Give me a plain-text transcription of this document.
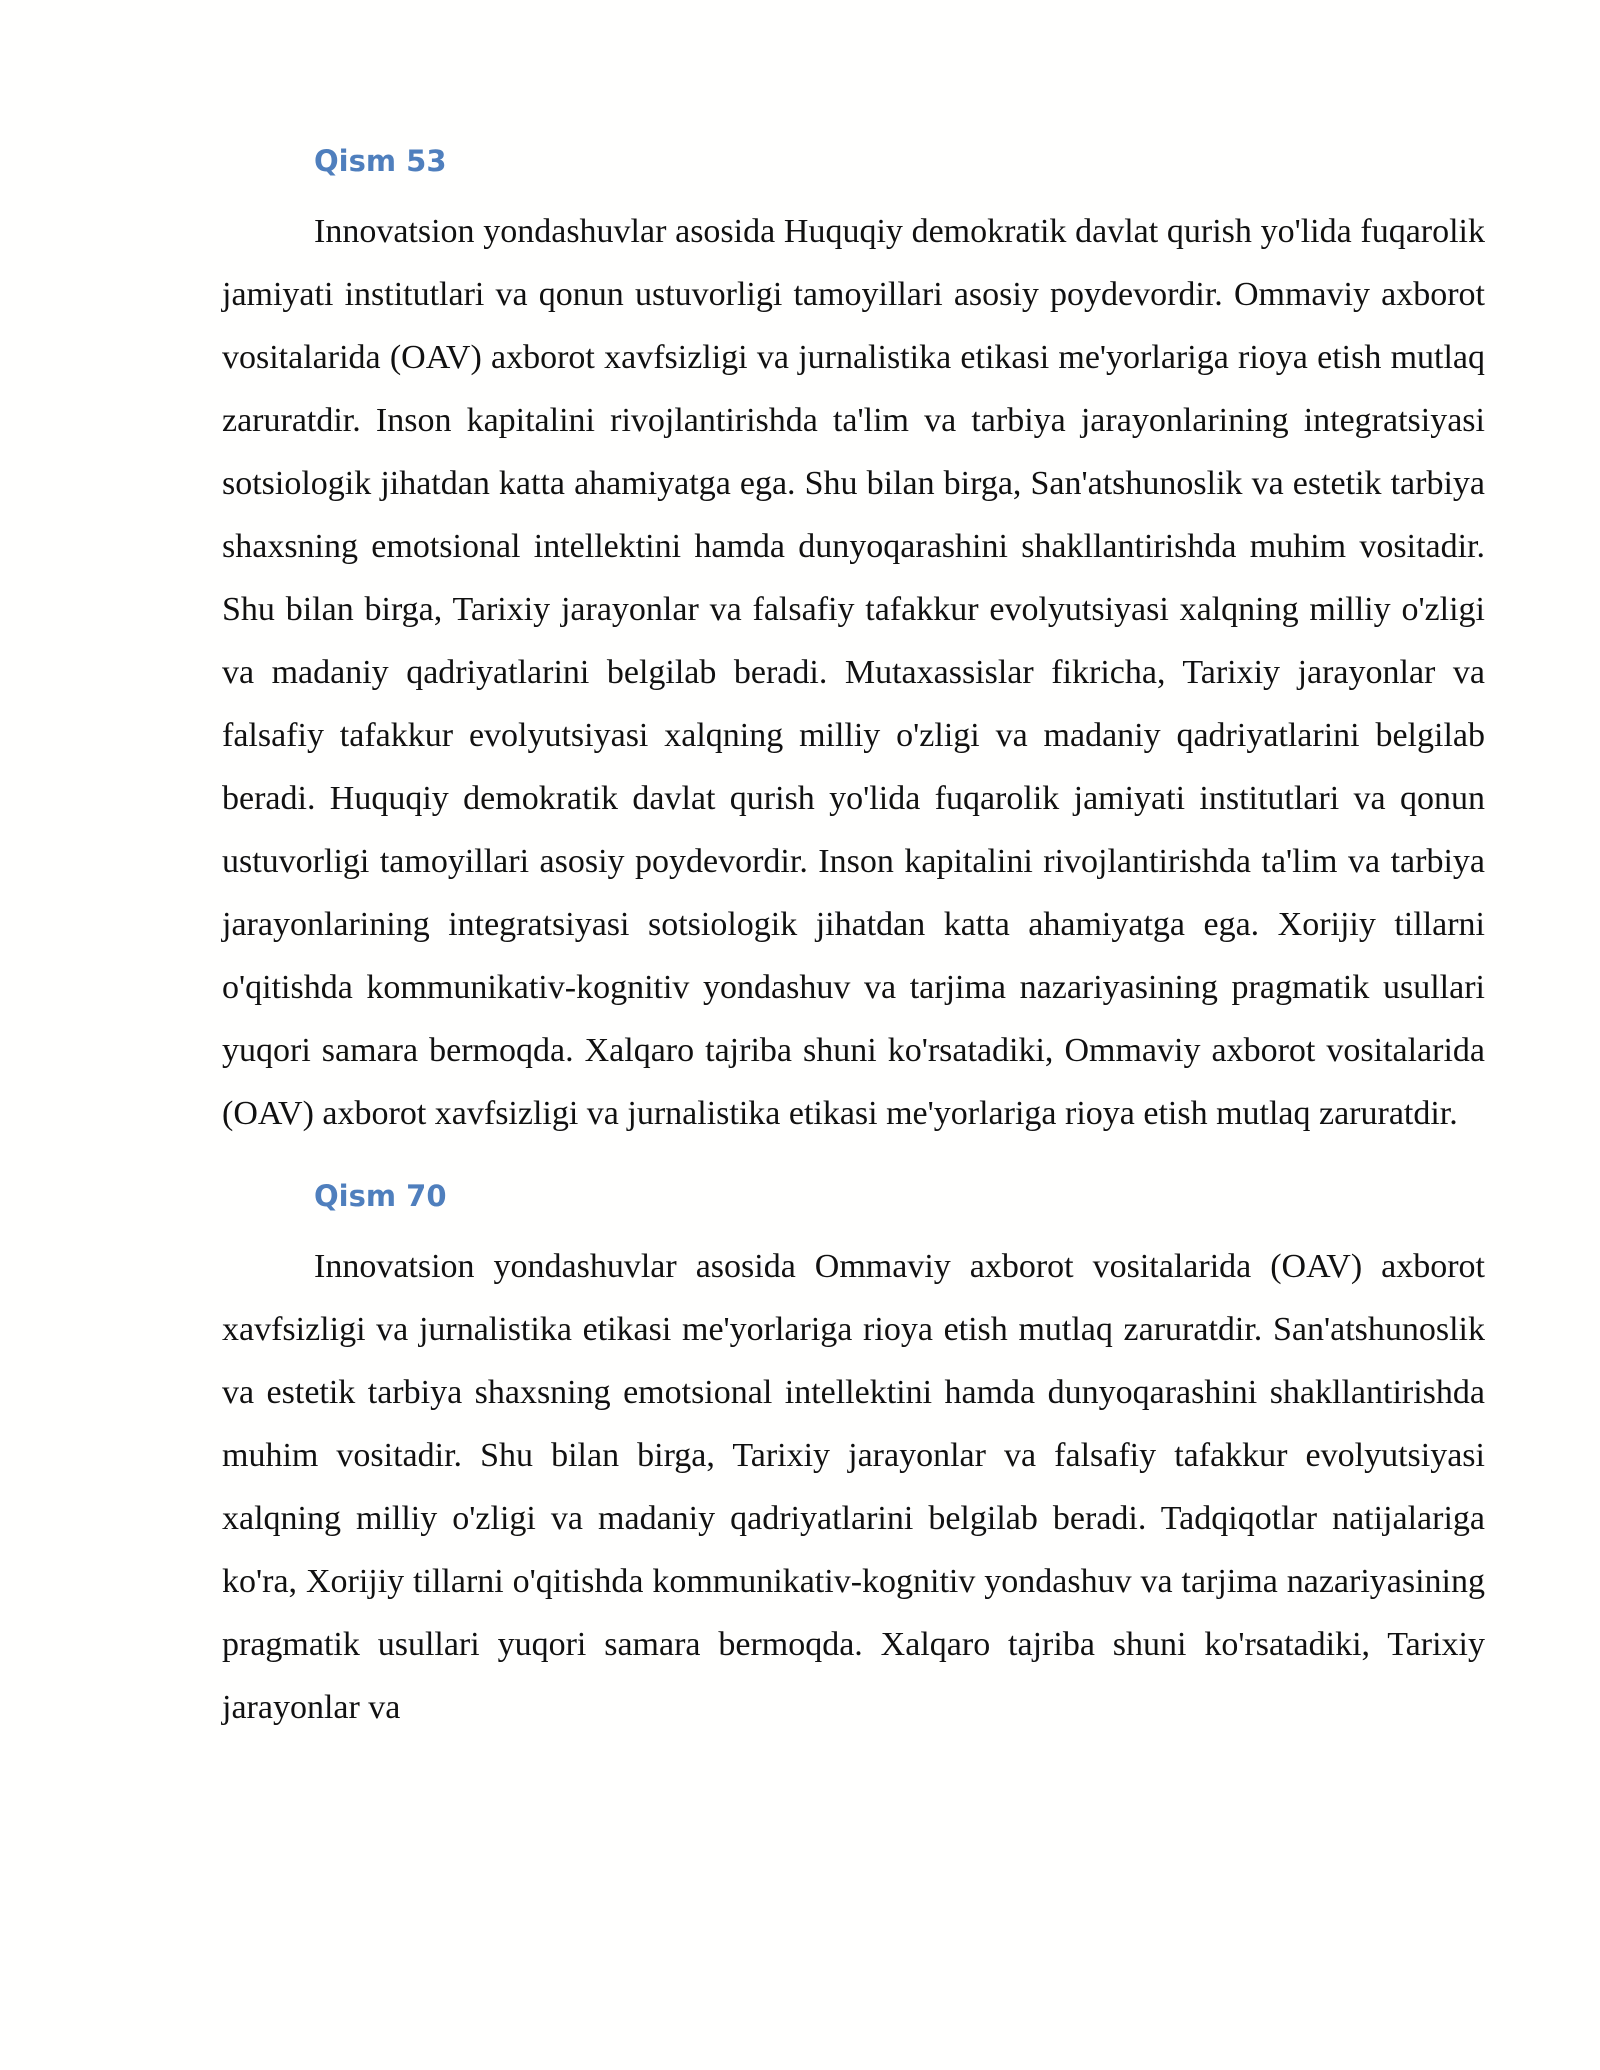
Qism 53

Innovatsion yondashuvlar asosida Huquqiy demokratik davlat qurish yo'lida fuqarolik jamiyati institutlari va qonun ustuvorligi tamoyillari asosiy poydevordir. Ommaviy axborot vositalarida (OAV) axborot xavfsizligi va jurnalistika etikasi me'yorlariga rioya etish mutlaq zaruratdir. Inson kapitalini rivojlantirishda ta'lim va tarbiya jarayonlarining integratsiyasi sotsiologik jihatdan katta ahamiyatga ega. Shu bilan birga, San'atshunoslik va estetik tarbiya shaxsning emotsional intellektini hamda dunyoqarashini shakllantirishda muhim vositadir. Shu bilan birga, Tarixiy jarayonlar va falsafiy tafakkur evolyutsiyasi xalqning milliy o'zligi va madaniy qadriyatlarini belgilab beradi. Mutaxassislar fikricha, Tarixiy jarayonlar va falsafiy tafakkur evolyutsiyasi xalqning milliy o'zligi va madaniy qadriyatlarini belgilab beradi. Huquqiy demokratik davlat qurish yo'lida fuqarolik jamiyati institutlari va qonun ustuvorligi tamoyillari asosiy poydevordir. Inson kapitalini rivojlantirishda ta'lim va tarbiya jarayonlarining integratsiyasi sotsiologik jihatdan katta ahamiyatga ega. Xorijiy tillarni o'qitishda kommunikativ-kognitiv yondashuv va tarjima nazariyasining pragmatik usullari yuqori samara bermoqda. Xalqaro tajriba shuni ko'rsatadiki, Ommaviy axborot vositalarida (OAV) axborot xavfsizligi va jurnalistika etikasi me'yorlariga rioya etish mutlaq zaruratdir.

Qism 70

Innovatsion yondashuvlar asosida Ommaviy axborot vositalarida (OAV) axborot xavfsizligi va jurnalistika etikasi me'yorlariga rioya etish mutlaq zaruratdir. San'atshunoslik va estetik tarbiya shaxsning emotsional intellektini hamda dunyoqarashini shakllantirishda muhim vositadir. Shu bilan birga, Tarixiy jarayonlar va falsafiy tafakkur evolyutsiyasi xalqning milliy o'zligi va madaniy qadriyatlarini belgilab beradi. Tadqiqotlar natijalariga ko'ra, Xorijiy tillarni o'qitishda kommunikativ-kognitiv yondashuv va tarjima nazariyasining pragmatik usullari yuqori samara bermoqda. Xalqaro tajriba shuni ko'rsatadiki, Tarixiy jarayonlar va
